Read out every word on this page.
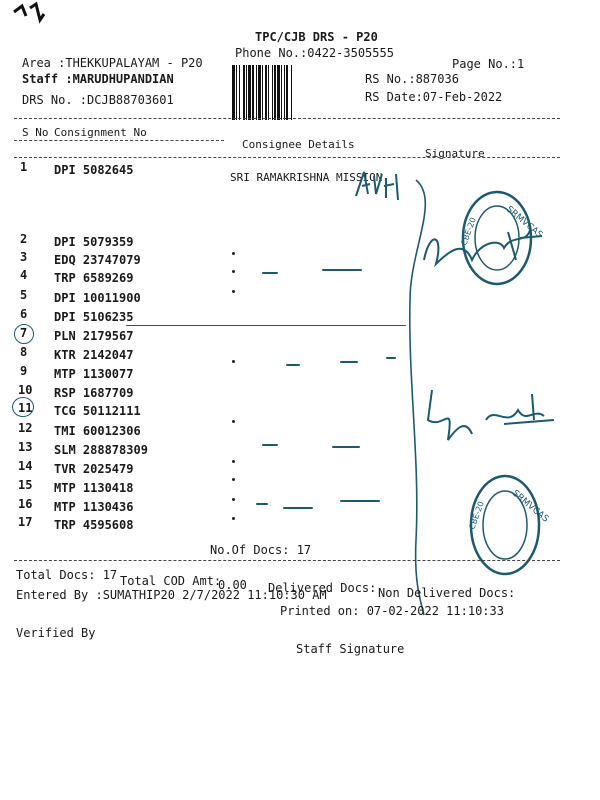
TPC/CJB DRS - P20
Phone No.:0422-3505555
Page No.:1
Area :THEKKUPALAYAM - P20
Staff :MARUDHUPANDIAN
DRS No. :DCJB88703601
RS No.:887036
RS Date:07-Feb-2022
S No Consignment No
Consignee Details
Signature
1 DPI 5082645
SRI RAMAKRISHNA MISSION
2 DPI 5079359
3 EDQ 23747079
4 TRP 6589269
5 DPI 10011900
6 DPI 5106235
7 PLN 2179567
8 KTR 2142047
9 MTP 1130077
10 RSP 1687709
11 TCG 50112111
12 TMI 60012306
13 SLM 288878309
14 TVR 2025479
15 MTP 1130418
16 MTP 1130436
17 TRP 4595608
SRMVCAS
CBE-20
SRMVCAS
CBE-20
No.Of Docs: 17
Total Docs: 17 Total COD Amt:
0.00 Delivered Docs: Non Delivered Docs:
Entered By :SUMATHIP20 2/7/2022 11:10:30 AM
Printed on: 07-02-2022 11:10:33
Verified By
Staff Signature
